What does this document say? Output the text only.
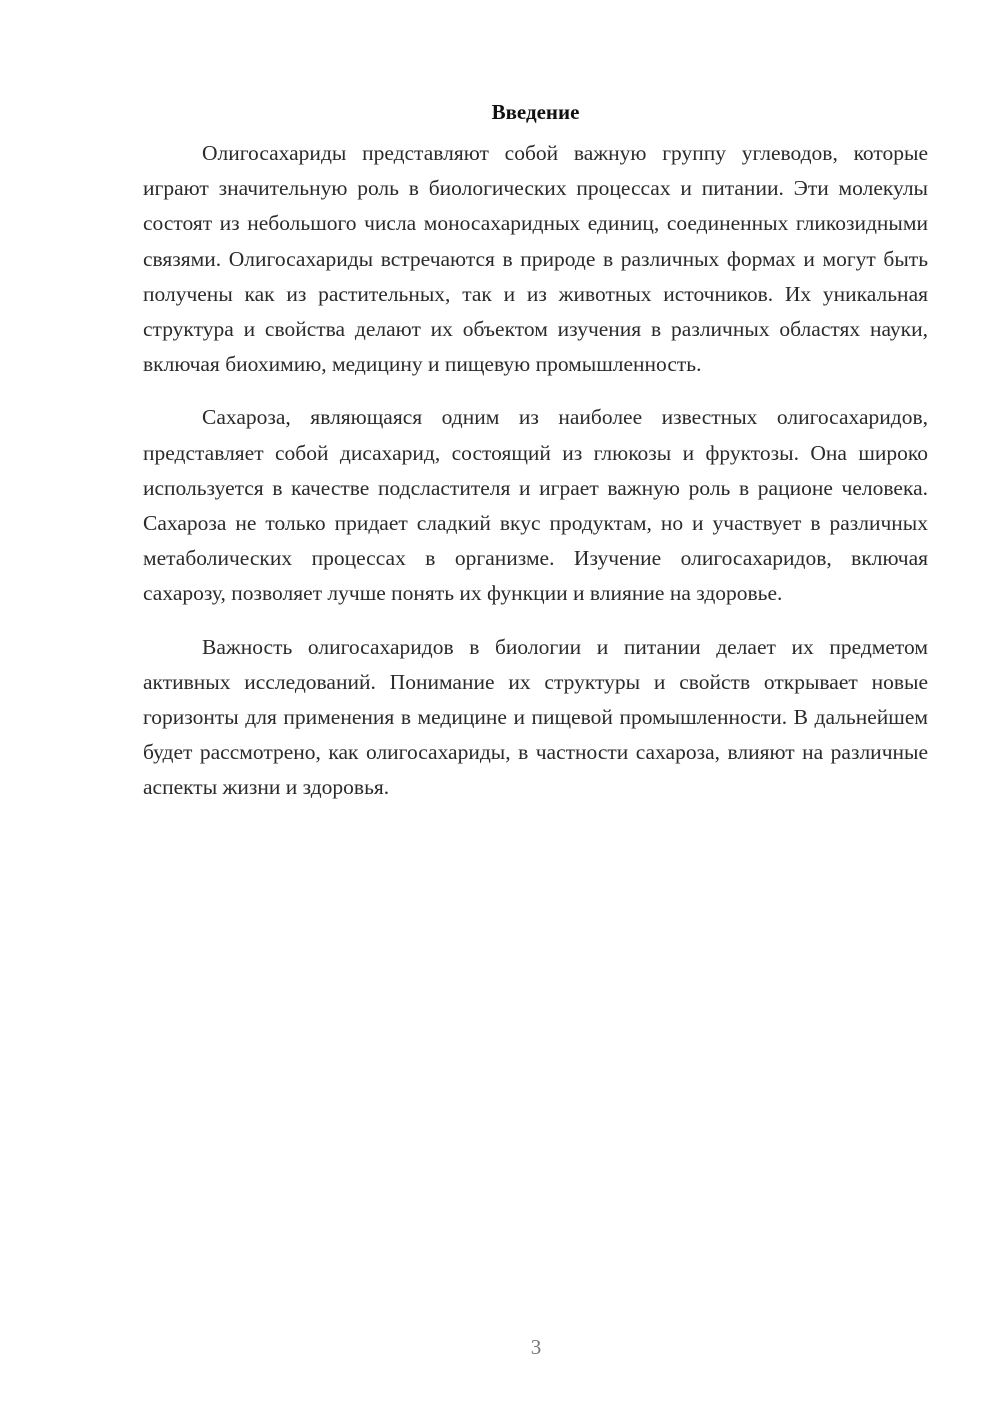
Введение

Олигосахариды представляют собой важную группу углеводов, которые играют значительную роль в биологических процессах и питании. Эти молекулы состоят из небольшого числа моносахаридных единиц, соединенных гликозидными связями. Олигосахариды встречаются в природе в различных формах и могут быть получены как из растительных, так и из животных источников. Их уникальная структура и свойства делают их объектом изучения в различных областях науки, включая биохимию, медицину и пищевую промышленность.

Сахароза, являющаяся одним из наиболее известных олигосахаридов, представляет собой дисахарид, состоящий из глюкозы и фруктозы. Она широко используется в качестве подсластителя и играет важную роль в рационе человека. Сахароза не только придает сладкий вкус продуктам, но и участвует в различных метаболических процессах в организме. Изучение олигосахаридов, включая сахарозу, позволяет лучше понять их функции и влияние на здоровье.

Важность олигосахаридов в биологии и питании делает их предметом активных исследований. Понимание их структуры и свойств открывает новые горизонты для применения в медицине и пищевой промышленности. В дальнейшем будет рассмотрено, как олигосахариды, в частности сахароза, влияют на различные аспекты жизни и здоровья.

3
